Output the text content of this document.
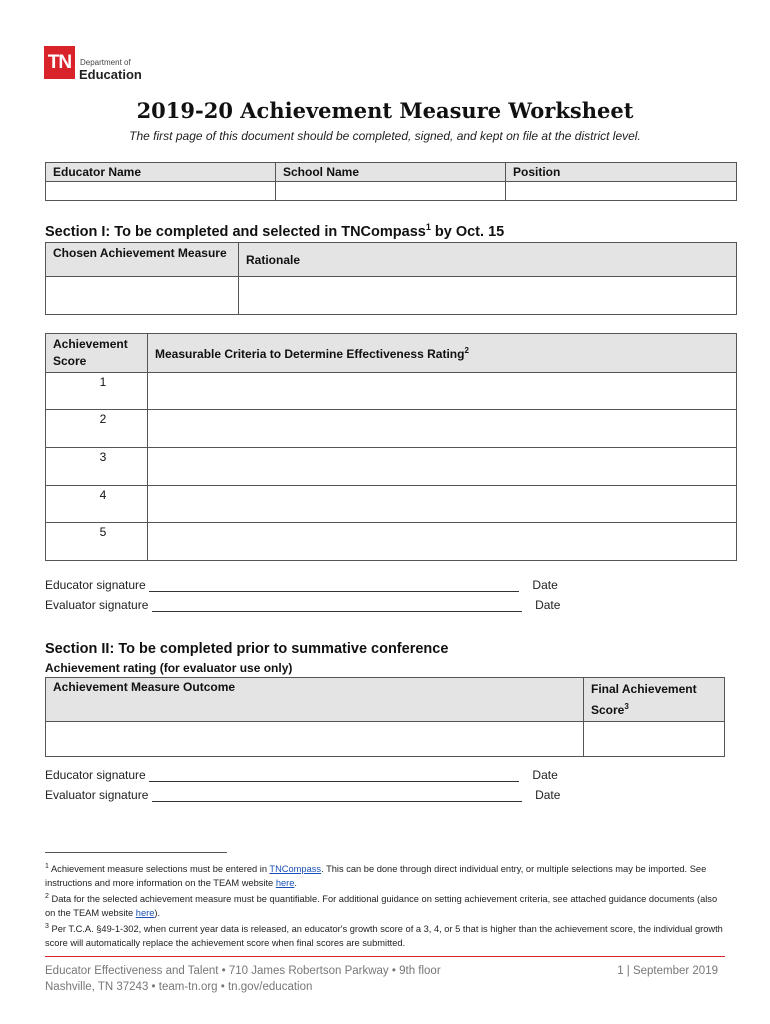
TN	Department of
Education
2019-20 Achievement Measure Worksheet
The first page of this document should be completed, signed, and kept on file at the district level.
Educator Name	School Name	Position

Section I: To be completed and selected in TNCompass$^1$ by Oct. 15
Chosen Achievement Measure	Rationale

Achievement Score	Measurable Criteria to Determine Effectiveness Rating$^2$
1	
2	
3	
4	
5	
Educator signature	Date
Evaluator signature	Date
Section II: To be completed prior to summative conference
Achievement rating (for evaluator use only)
Achievement Measure Outcome	Final Achievement Score$^3$

Educator signature	Date
Evaluator signature	Date
$^1$ Achievement measure selections must be entered in TNCompass. This can be done through direct individual entry, or multiple selections may be imported. See instructions and more information on the TEAM website here.
$^2$ Data for the selected achievement measure must be quantifiable. For additional guidance on setting achievement criteria, see attached guidance documents (also on the TEAM website here).
$^3$ Per T.C.A. §49-1-302, when current year data is released, an educator's growth score of a 3, 4, or 5 that is higher than the achievement score, the individual growth score will automatically replace the achievement score when final scores are submitted.
Educator Effectiveness and Talent • 710 James Robertson Parkway • 9th floor
Nashville, TN 37243 • team-tn.org • tn.gov/education
1 | September 2019
